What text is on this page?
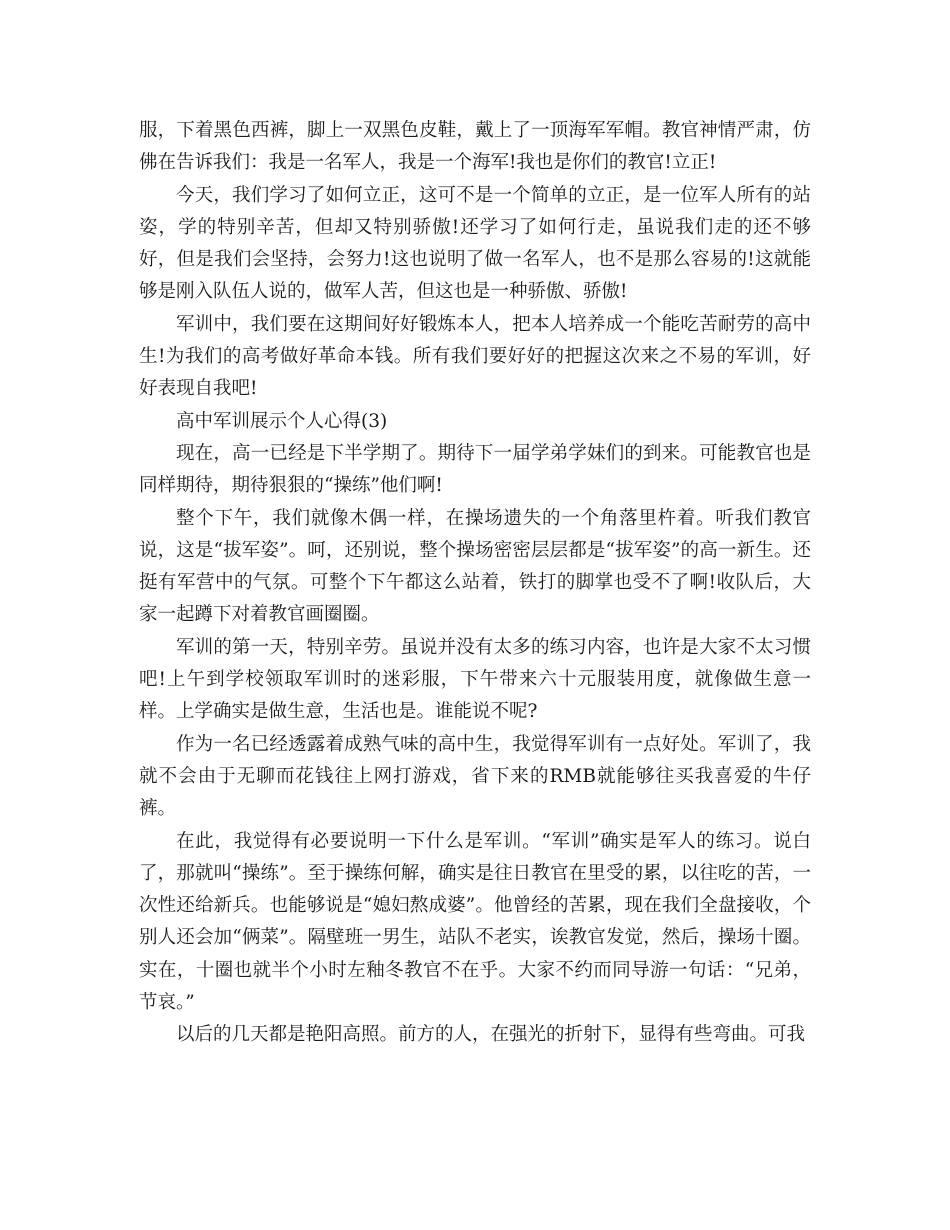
服，下着黑色西裤，脚上一双黑色皮鞋，戴上了一顶海军军帽。教官神情严肃，仿佛在告诉我们：我是一名军人，我是一个海军!我也是你们的教官!立正!

今天，我们学习了如何立正，这可不是一个简单的立正，是一位军人所有的站姿，学的特别辛苦，但却又特别骄傲!还学习了如何行走，虽说我们走的还不够好，但是我们会坚持，会努力!这也说明了做一名军人，也不是那么容易的!这就能够是刚入队伍人说的，做军人苦，但这也是一种骄傲、骄傲!

军训中，我们要在这期间好好锻炼本人，把本人培养成一个能吃苦耐劳的高中生!为我们的高考做好革命本钱。所有我们要好好的把握这次来之不易的军训，好好表现自我吧!

高中军训展示个人心得(3)

现在，高一已经是下半学期了。期待下一届学弟学妹们的到来。可能教官也是同样期待，期待狠狠的“操练”他们啊!

整个下午，我们就像木偶一样，在操场遗失的一个角落里杵着。听我们教官说，这是“拔军姿”。呵，还别说，整个操场密密层层都是“拔军姿”的高一新生。还挺有军营中的气氛。可整个下午都这么站着，铁打的脚掌也受不了啊!收队后，大家一起蹲下对着教官画圈圈。

军训的第一天，特别辛劳。虽说并没有太多的练习内容，也许是大家不太习惯吧!上午到学校领取军训时的迷彩服，下午带来六十元服装用度，就像做生意一样。上学确实是做生意，生活也是。谁能说不呢?

作为一名已经透露着成熟气味的高中生，我觉得军训有一点好处。军训了，我就不会由于无聊而花钱往上网打游戏，省下来的RMB就能够往买我喜爱的牛仔裤。

在此，我觉得有必要说明一下什么是军训。“军训”确实是军人的练习。说白了，那就叫“操练”。至于操练何解，确实是往日教官在里受的累，以往吃的苦，一次性还给新兵。也能够说是“媳妇熬成婆”。他曾经的苦累，现在我们全盘接收，个别人还会加“俩菜”。隔壁班一男生，站队不老实，诶教官发觉，然后，操场十圈。实在，十圈也就半个小时左釉冬教官不在乎。大家不约而同导游一句话：“兄弟，节哀。”

以后的几天都是艳阳高照。前方的人，在强光的折射下，显得有些弯曲。可我
